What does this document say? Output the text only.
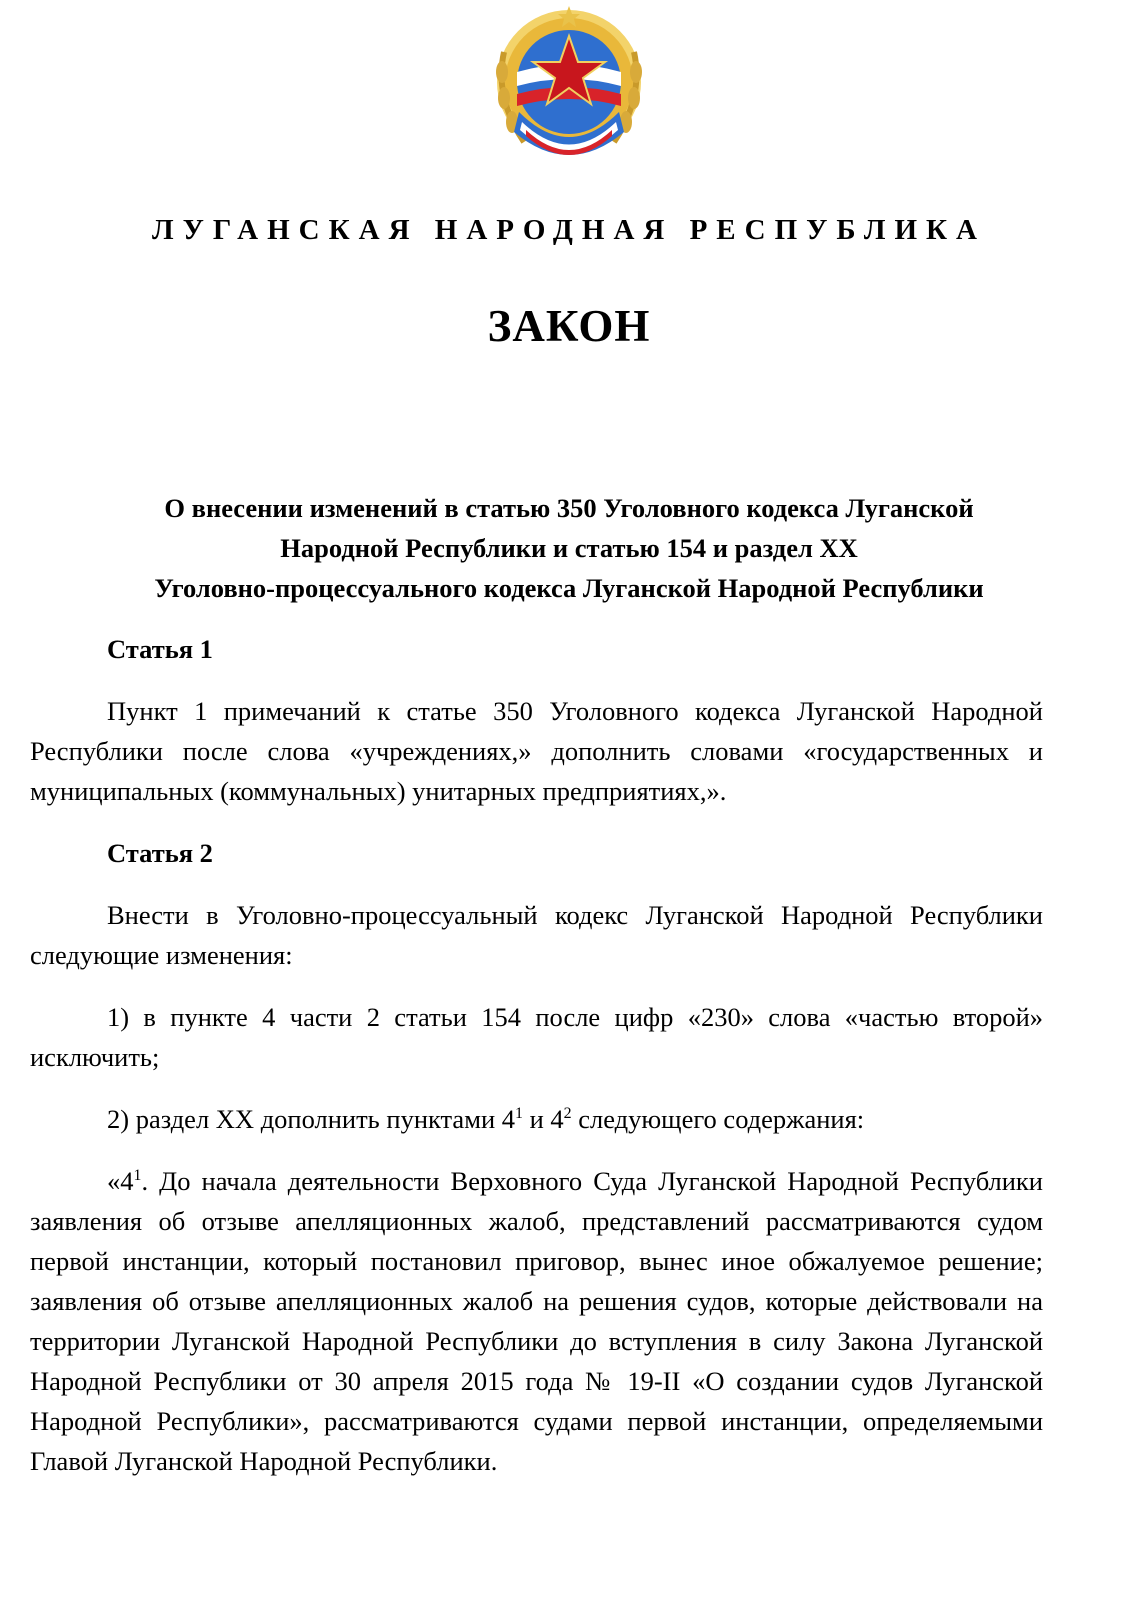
ЛУГАНСКАЯ НАРОДНАЯ РЕСПУБЛИКА
ЗАКОН
О внесении изменений в статью 350 Уголовного кодекса Луганской
Народной Республики и статью 154 и раздел XX
Уголовно-процессуального кодекса Луганской Народной Республики

Статья 1

Пункт 1 примечаний к статье 350 Уголовного кодекса Луганской Народной Республики после слова «учреждениях,» дополнить словами «государственных и муниципальных (коммунальных) унитарных предприятиях,».

Статья 2

Внести в Уголовно-процессуальный кодекс Луганской Народной Республики следующие изменения:

1) в пункте 4 части 2 статьи 154 после цифр «230» слова «частью второй» исключить;

2) раздел XX дополнить пунктами $4^1$ и $4^2$ следующего содержания:

«$4^1$. До начала деятельности Верховного Суда Луганской Народной Республики заявления об отзыве апелляционных жалоб, представлений рассматриваются судом первой инстанции, который постановил приговор, вынес иное обжалуемое решение; заявления об отзыве апелляционных жалоб на решения судов, которые действовали на территории Луганской Народной Республики до вступления в силу Закона Луганской Народной Республики от 30 апреля 2015 года № 19-II «О создании судов Луганской Народной Республики», рассматриваются судами первой инстанции, определяемыми Главой Луганской Народной Республики.
